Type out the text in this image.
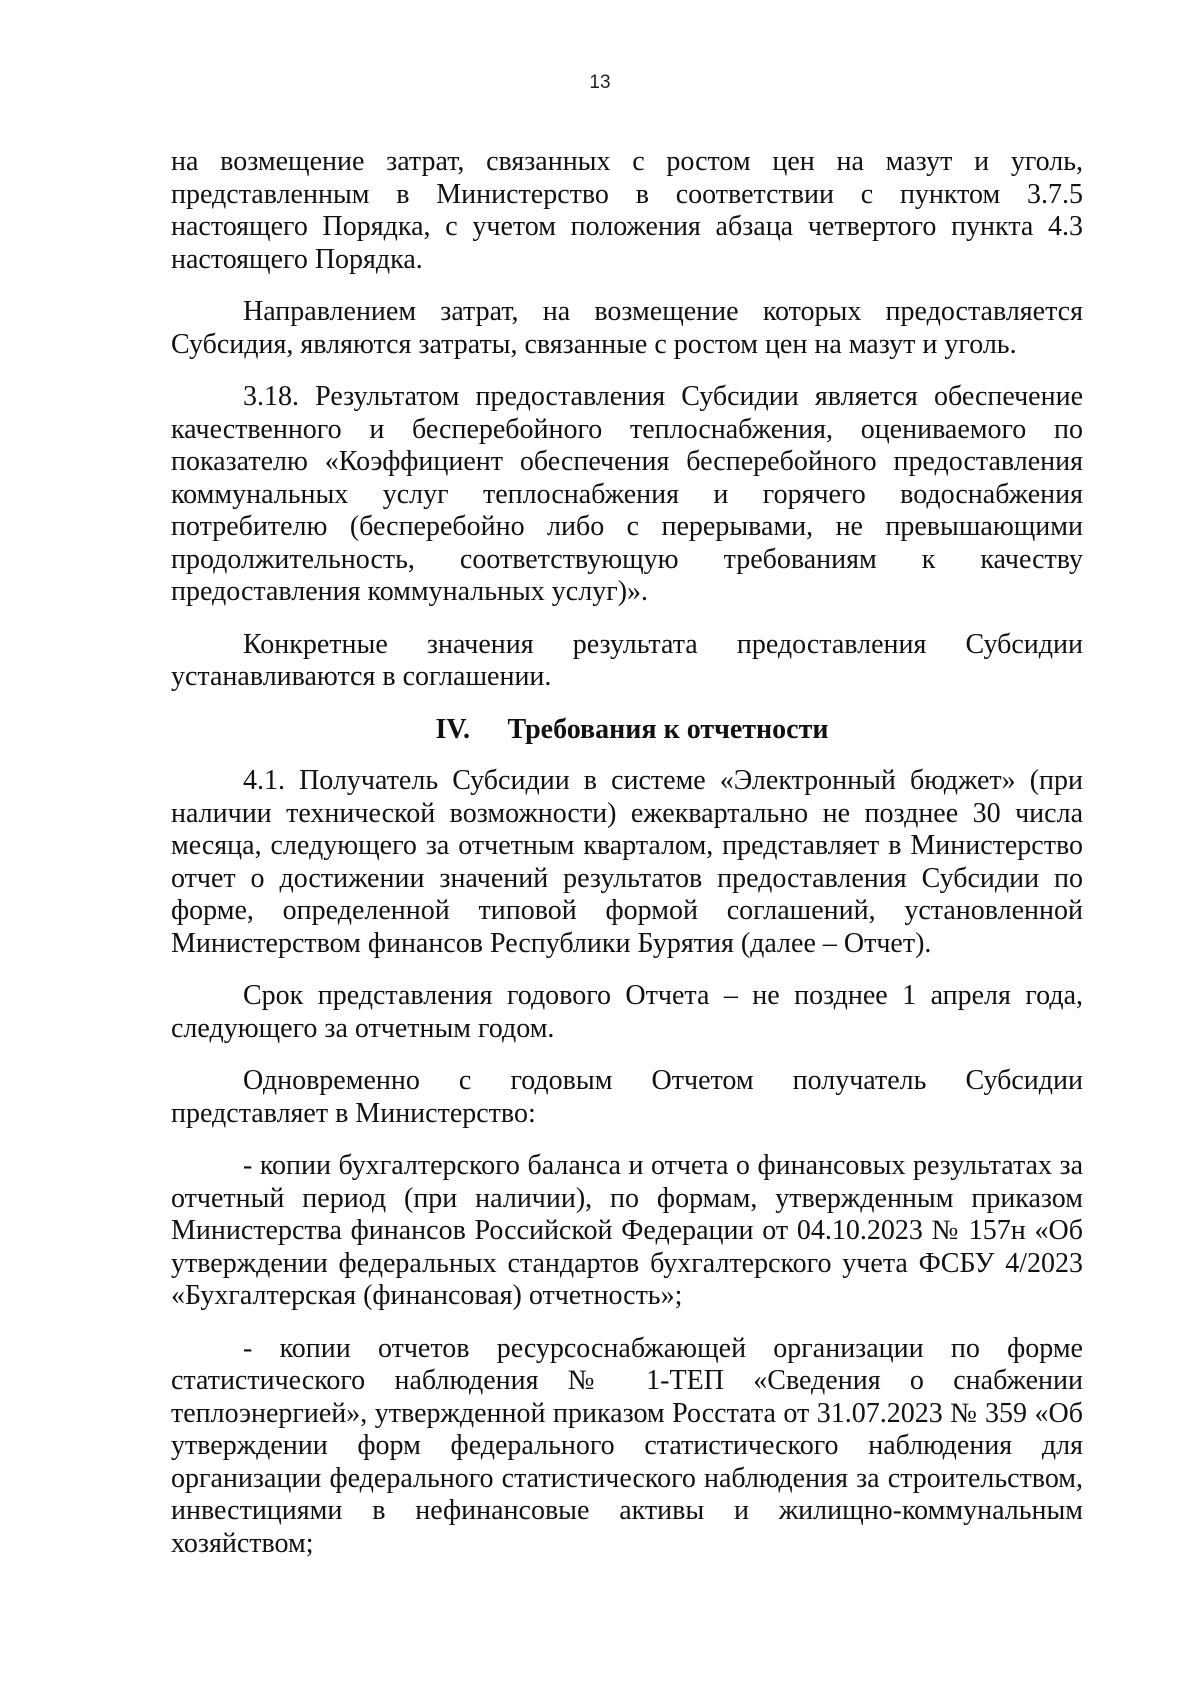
13
на возмещение затрат, связанных с ростом цен на мазут и уголь, представленным в Министерство в соответствии с пунктом 3.7.5 настоящего Порядка, с учетом положения абзаца четвертого пункта 4.3 настоящего Порядка.
Направлением затрат, на возмещение которых предоставляется Субсидия, являются затраты, связанные с ростом цен на мазут и уголь.
3.18. Результатом предоставления Субсидии является обеспечение качественного и бесперебойного теплоснабжения, оцениваемого по показателю «Коэффициент обеспечения бесперебойного предоставления коммунальных услуг теплоснабжения и горячего водоснабжения потребителю (бесперебойно либо с перерывами, не превышающими продолжительность, соответствующую требованиям к качеству предоставления коммунальных услуг)».
Конкретные значения результата предоставления Субсидии устанавливаются в соглашении.
IV. Требования к отчетности
4.1. Получатель Субсидии в системе «Электронный бюджет» (при наличии технической возможности) ежеквартально не позднее 30 числа месяца, следующего за отчетным кварталом, представляет в Министерство отчет о достижении значений результатов предоставления Субсидии по форме, определенной типовой формой соглашений, установленной Министерством финансов Республики Бурятия (далее – Отчет).
Срок представления годового Отчета – не позднее 1 апреля года, следующего за отчетным годом.
Одновременно с годовым Отчетом получатель Субсидии представляет в Министерство:
- копии бухгалтерского баланса и отчета о финансовых результатах за отчетный период (при наличии), по формам, утвержденным приказом Министерства финансов Российской Федерации от 04.10.2023 № 157н «Об утверждении федеральных стандартов бухгалтерского учета ФСБУ 4/2023 «Бухгалтерская (финансовая) отчетность»;
- копии отчетов ресурсоснабжающей организации по форме статистического наблюдения № 1-ТЕП «Сведения о снабжении теплоэнергией», утвержденной приказом Росстата от 31.07.2023 № 359 «Об утверждении форм федерального статистического наблюдения для организации федерального статистического наблюдения за строительством, инвестициями в нефинансовые активы и жилищно-коммунальным хозяйством;
